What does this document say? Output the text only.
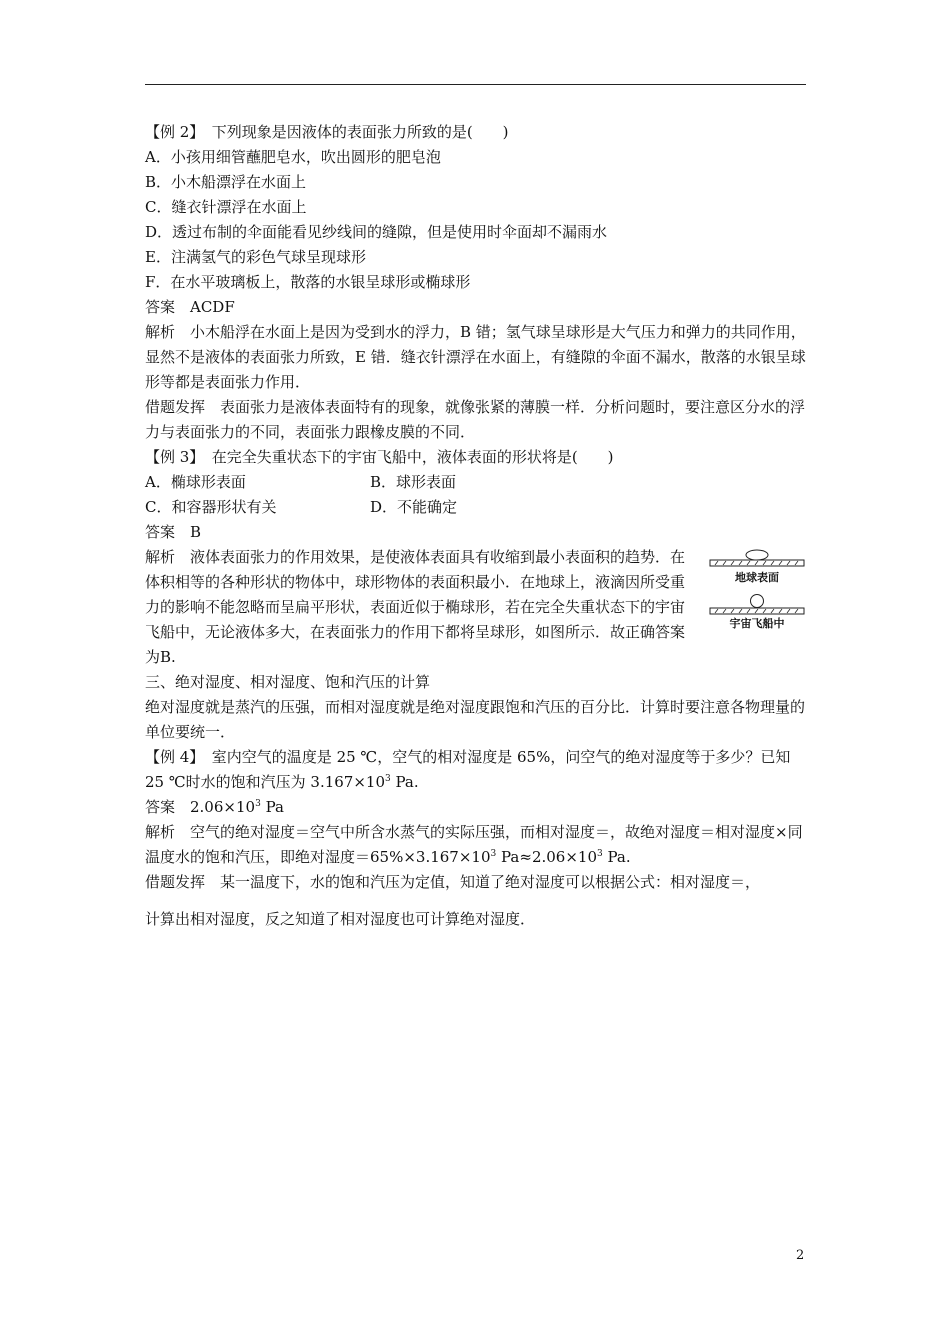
【例 2】　下列现象是因液体的表面张力所致的是(　　)

A．小孩用细管蘸肥皂水，吹出圆形的肥皂泡

B．小木船漂浮在水面上

C．缝衣针漂浮在水面上

D．透过布制的伞面能看见纱线间的缝隙，但是使用时伞面却不漏雨水

E．注满氢气的彩色气球呈现球形

F．在水平玻璃板上，散落的水银呈球形或椭球形

答案　ACDF

解析　小木船浮在水面上是因为受到水的浮力，B 错；氢气球呈球形是大气压力和弹力的共同作用，显然不是液体的表面张力所致，E 错．缝衣针漂浮在水面上，有缝隙的伞面不漏水，散落的水银呈球形等都是表面张力作用．

借题发挥　表面张力是液体表面特有的现象，就像张紧的薄膜一样．分析问题时，要注意区分水的浮力与表面张力的不同，表面张力跟橡皮膜的不同．

【例 3】　在完全失重状态下的宇宙飞船中，液体表面的形状将是(　　)

A．椭球形表面	B．球形表面
C．和容器形状有关	D．不能确定

答案　B

解析　液体表面张力的作用效果，是使液体表面具有收缩到最小表面积的趋势．在体积相等的各种形状的物体中，球形物体的表面积最小．在地球上，液滴因所受重力的影响不能忽略而呈扁平形状，表面近似于椭球形，若在完全失重状态下的宇宙飞船中，无论液体多大，在表面张力的作用下都将呈球形，如图所示．故正确答案为B.

地球表面
宇宙飞船中

三、绝对湿度、相对湿度、饱和汽压的计算

绝对湿度就是蒸汽的压强，而相对湿度就是绝对湿度跟饱和汽压的百分比．计算时要注意各物理量的单位要统一．

【例 4】　室内空气的温度是 25 ℃，空气的相对湿度是 65%，问空气的绝对湿度等于多少？已知 25 ℃时水的饱和汽压为 $3.167\times 10^3$ Pa.

答案　$2.06\times 10^3$ Pa

解析　空气的绝对湿度＝空气中所含水蒸气的实际压强，而相对湿度＝，故绝对湿度＝相对湿度×同温度水的饱和汽压，即绝对湿度$=65\%\times 3.167\times 10^3$ $Pa\approx 2.06\times 10^3$ Pa.

借题发挥　某一温度下，水的饱和汽压为定值，知道了绝对湿度可以根据公式：相对湿度＝，

计算出相对湿度，反之知道了相对湿度也可计算绝对湿度．

2
